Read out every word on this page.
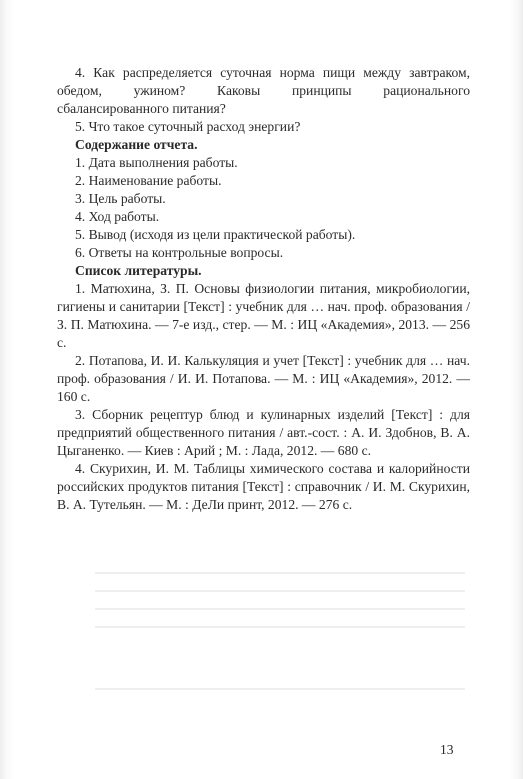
4. Как распределяется суточная норма пищи между завтраком, обедом, ужином? Каковы принципы рационального сбалансированного питания?

5. Что такое суточный расход энергии?

Содержание отчета.

1. Дата выполнения работы.

2. Наименование работы.

3. Цель работы.

4. Ход работы.

5. Вывод (исходя из цели практической работы).

6. Ответы на контрольные вопросы.

Список литературы.

1. Матюхина, З. П. Основы физиологии питания, микробиологии, гигиены и санитарии [Текст] : учебник для … нач. проф. образования / З. П. Матюхина. — 7-е изд., стер. — М. : ИЦ «Академия», 2013. — 256 с.

2. Потапова, И. И. Калькуляция и учет [Текст] : учебник для … нач. проф. образования / И. И. Потапова. — М. : ИЦ «Академия», 2012. — 160 с.

3. Сборник рецептур блюд и кулинарных изделий [Текст] : для предприятий общественного питания / авт.-сост. : А. И. Здобнов, В. А. Цыганенко. — Киев : Арий ; М. : Лада, 2012. — 680 с.

4. Скурихин, И. М. Таблицы химического состава и калорийности российских продуктов питания [Текст] : справочник / И. М. Скурихин, В. А. Тутельян. — М. : ДеЛи принт, 2012. — 276 с.

13
